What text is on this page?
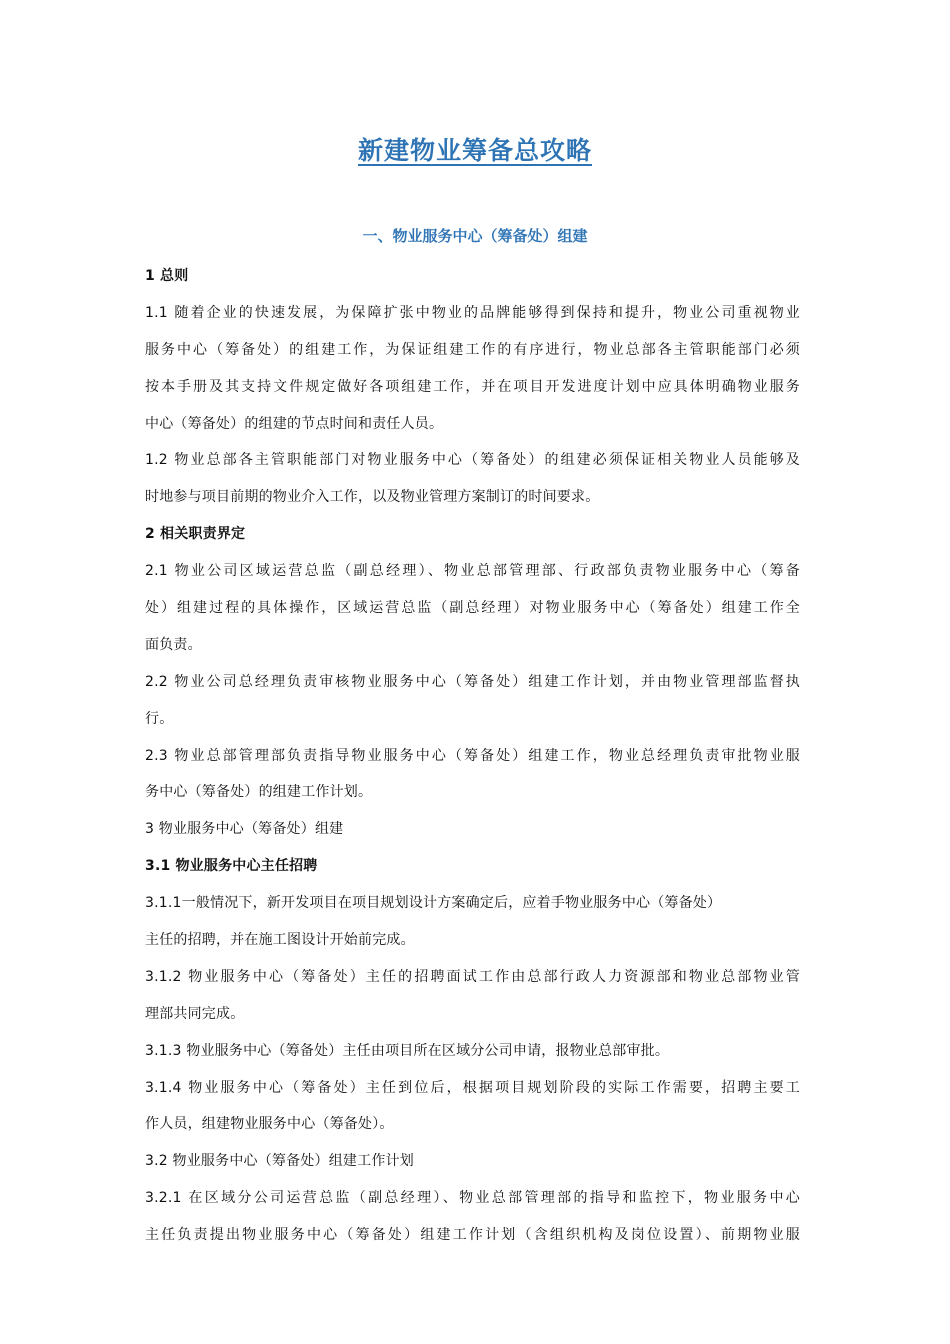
新建物业筹备总攻略
一、物业服务中心（筹备处）组建

1 总则

1.1 随着企业的快速发展，为保障扩张中物业的品牌能够得到保持和提升，物业公司重视物业

服务中心（筹备处）的组建工作，为保证组建工作的有序进行，物业总部各主管职能部门必须

按本手册及其支持文件规定做好各项组建工作，并在项目开发进度计划中应具体明确物业服务

中心（筹备处）的组建的节点时间和责任人员。

1.2 物业总部各主管职能部门对物业服务中心（筹备处）的组建必须保证相关物业人员能够及

时地参与项目前期的物业介入工作，以及物业管理方案制订的时间要求。

2 相关职责界定

2.1 物业公司区域运营总监（副总经理）、物业总部管理部、行政部负责物业服务中心（筹备

处）组建过程的具体操作，区域运营总监（副总经理）对物业服务中心（筹备处）组建工作全

面负责。

2.2 物业公司总经理负责审核物业服务中心（筹备处）组建工作计划，并由物业管理部监督执

行。

2.3 物业总部管理部负责指导物业服务中心（筹备处）组建工作，物业总经理负责审批物业服

务中心（筹备处）的组建工作计划。

3 物业服务中心（筹备处）组建

3.1 物业服务中心主任招聘

3.1.1一般情况下，新开发项目在项目规划设计方案确定后，应着手物业服务中心（筹备处）

主任的招聘，并在施工图设计开始前完成。

3.1.2 物业服务中心（筹备处）主任的招聘面试工作由总部行政人力资源部和物业总部物业管

理部共同完成。

3.1.3 物业服务中心（筹备处）主任由项目所在区域分公司申请，报物业总部审批。

3.1.4 物业服务中心（筹备处）主任到位后，根据项目规划阶段的实际工作需要，招聘主要工

作人员，组建物业服务中心（筹备处）。

3.2 物业服务中心（筹备处）组建工作计划

3.2.1 在区域分公司运营总监（副总经理）、物业总部管理部的指导和监控下，物业服务中心

主任负责提出物业服务中心（筹备处）组建工作计划（含组织机构及岗位设置）、前期物业服
